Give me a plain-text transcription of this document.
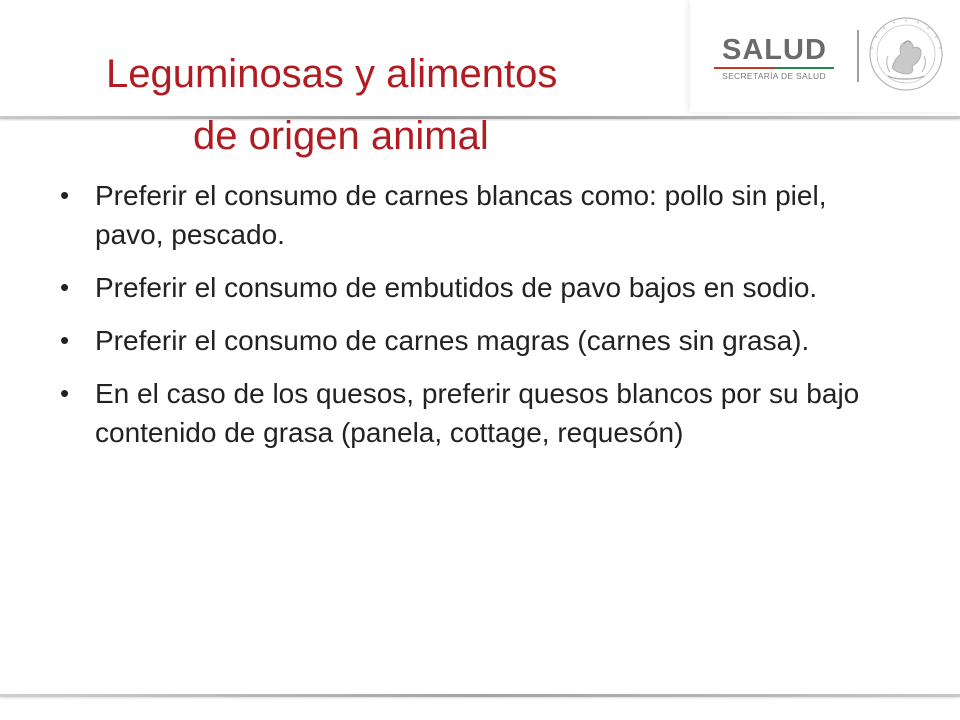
Leguminosas y alimentos
de origen animal
SALUD
SECRETARÍA DE SALUD
• Preferir el consumo de carnes blancas como: pollo sin piel, pavo, pescado.
• Preferir el consumo de embutidos de pavo bajos en sodio.
• Preferir el consumo de carnes magras (carnes sin grasa).
• En el caso de los quesos, preferir quesos blancos por su bajo contenido de grasa (panela, cottage, requesón)
